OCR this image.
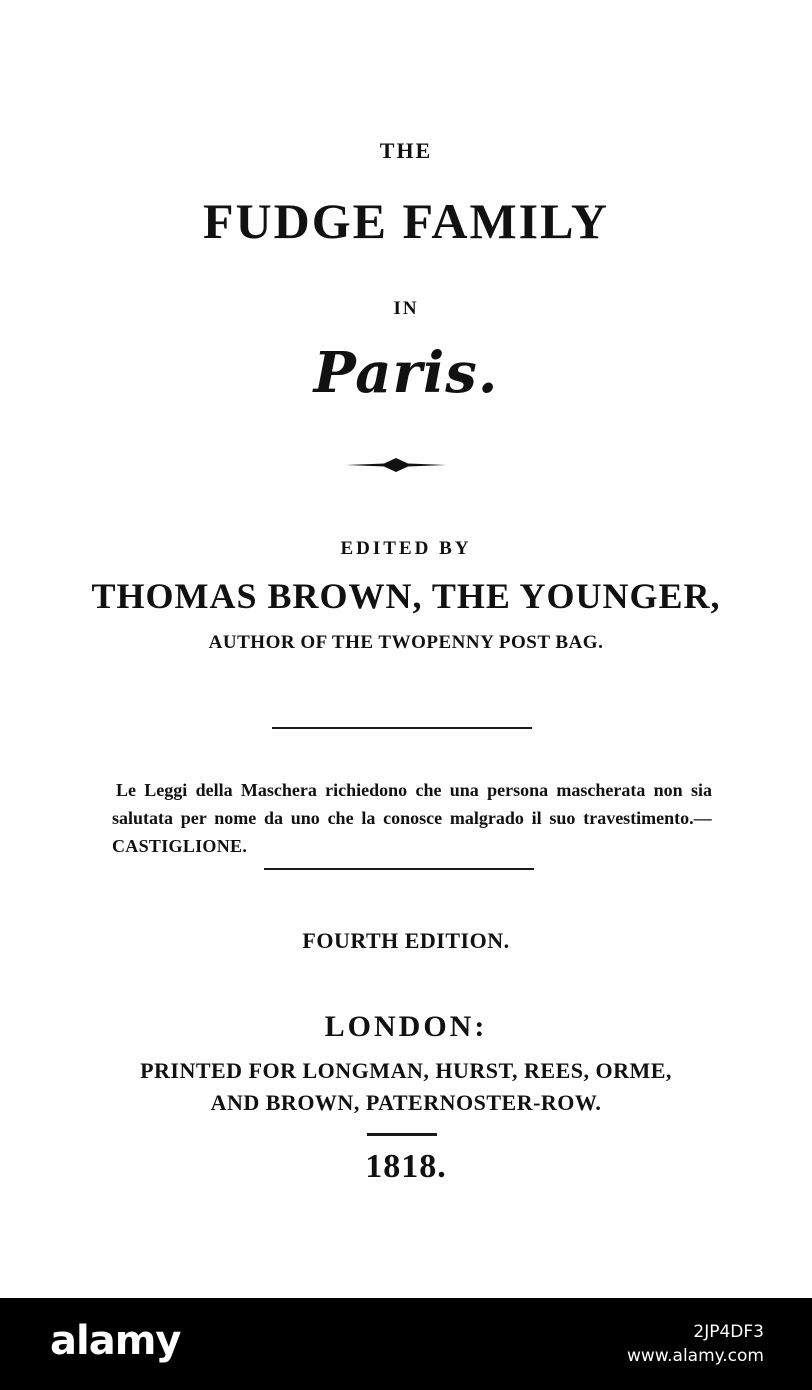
THE

FUDGE FAMILY

IN

Paris.

EDITED BY

THOMAS BROWN, THE YOUNGER,

AUTHOR OF THE TWOPENNY POST BAG.

Le Leggi della Maschera richiedono che una persona mascherata non sia salutata per nome da uno che la conosce malgrado il suo travestimento.—CASTIGLIONE.

FOURTH EDITION.

LONDON:

PRINTED FOR LONGMAN, HURST, REES, ORME,

AND BROWN, PATERNOSTER-ROW.

1818.

alamy	2JP4DF3
www.alamy.com
